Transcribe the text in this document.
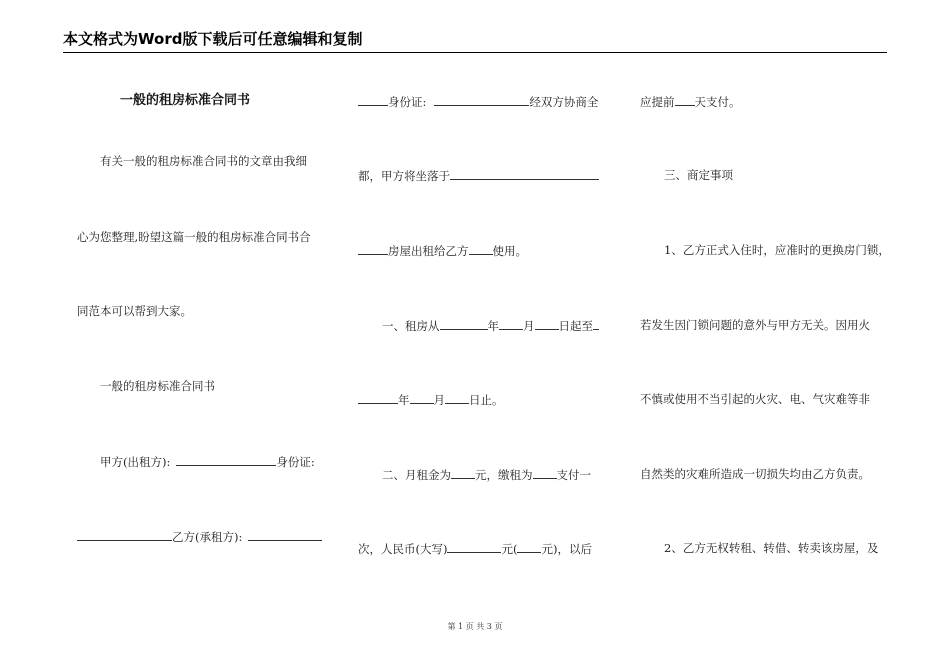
本文格式为Word版下载后可任意编辑和复制
一般的租房标准合同书
有关一般的租房标准合同书的文章由我细
心为您整理,盼望这篇一般的租房标准合同书合
同范本可以帮到大家。
一般的租房标准合同书
甲方(出租方):	身份证:
乙方(承租方):
身份证:	经双方协商全
都，甲方将坐落于
房屋出租给乙方 使用。
一、租房从	年 月 日起至
年 月 日止。
二、月租金为 元，缴租为 支付一
次，人民币(大写)	元( 元)，以后
应提前 天支付。
三、商定事项
1、乙方正式入住时，应准时的更换房门锁，
若发生因门锁问题的意外与甲方无关。因用火
不慎或使用不当引起的火灾、电、气灾难等非
自然类的灾难所造成一切损失均由乙方负责。
2、乙方无权转租、转借、转卖该房屋，及
第 1 页 共 3 页
